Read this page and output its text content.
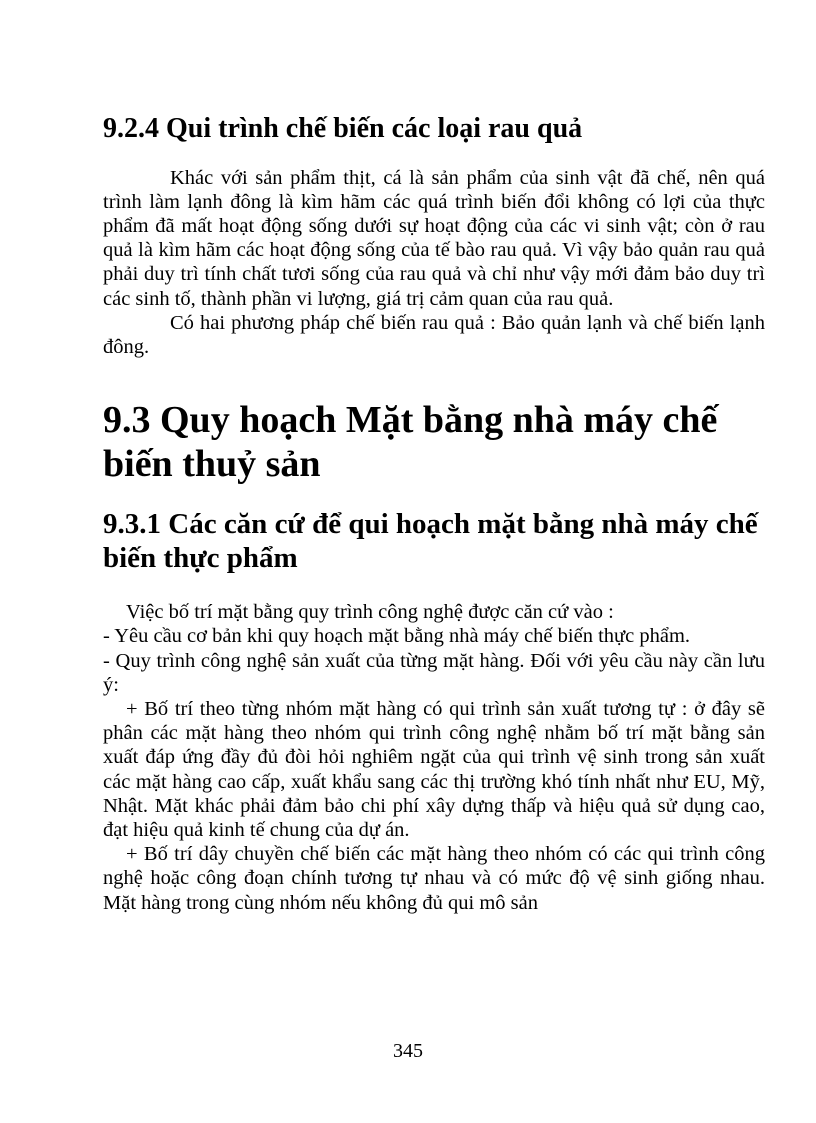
9.2.4 Qui trình chế biến các loại rau quả

Khác với sản phẩm thịt, cá là sản phẩm của sinh vật đã chế, nên quá trình làm lạnh đông là kìm hãm các quá trình biến đổi không có lợi của thực phẩm đã mất hoạt động sống dưới sự hoạt động của các vi sinh vật; còn ở rau quả là kìm hãm các hoạt động sống của tế bào rau quả. Vì vậy bảo quản rau quả phải duy trì tính chất tươi sống của rau quả và chỉ như vậy mới đảm bảo duy trì các sinh tố, thành phần vi lượng, giá trị cảm quan của rau quả.

Có hai phương pháp chế biến rau quả : Bảo quản lạnh và chế biến lạnh đông.

9.3 Quy hoạch Mặt bằng nhà máy chế biến thuỷ sản
9.3.1 Các căn cứ để qui hoạch mặt bằng nhà máy chế biến thực phẩm

Việc bố trí mặt bằng quy trình công nghệ được căn cứ vào :

- Yêu cầu cơ bản khi quy hoạch mặt bằng nhà máy chế biến thực phẩm.

- Quy trình công nghệ sản xuất của từng mặt hàng. Đối với yêu cầu này cần lưu ý:

+ Bố trí theo từng nhóm mặt hàng có qui trình sản xuất tương tự : ở đây sẽ phân các mặt hàng theo nhóm qui trình công nghệ nhằm bố trí mặt bằng sản xuất đáp ứng đầy đủ đòi hỏi nghiêm ngặt của qui trình vệ sinh trong sản xuất các mặt hàng cao cấp, xuất khẩu sang các thị trường khó tính nhất như EU, Mỹ, Nhật. Mặt khác phải đảm bảo chi phí xây dựng thấp và hiệu quả sử dụng cao, đạt hiệu quả kinh tế chung của dự án.

+ Bố trí dây chuyền chế biến các mặt hàng theo nhóm có các qui trình công nghệ hoặc công đoạn chính tương tự nhau và có mức độ vệ sinh giống nhau. Mặt hàng trong cùng nhóm nếu không đủ qui mô sản

345
